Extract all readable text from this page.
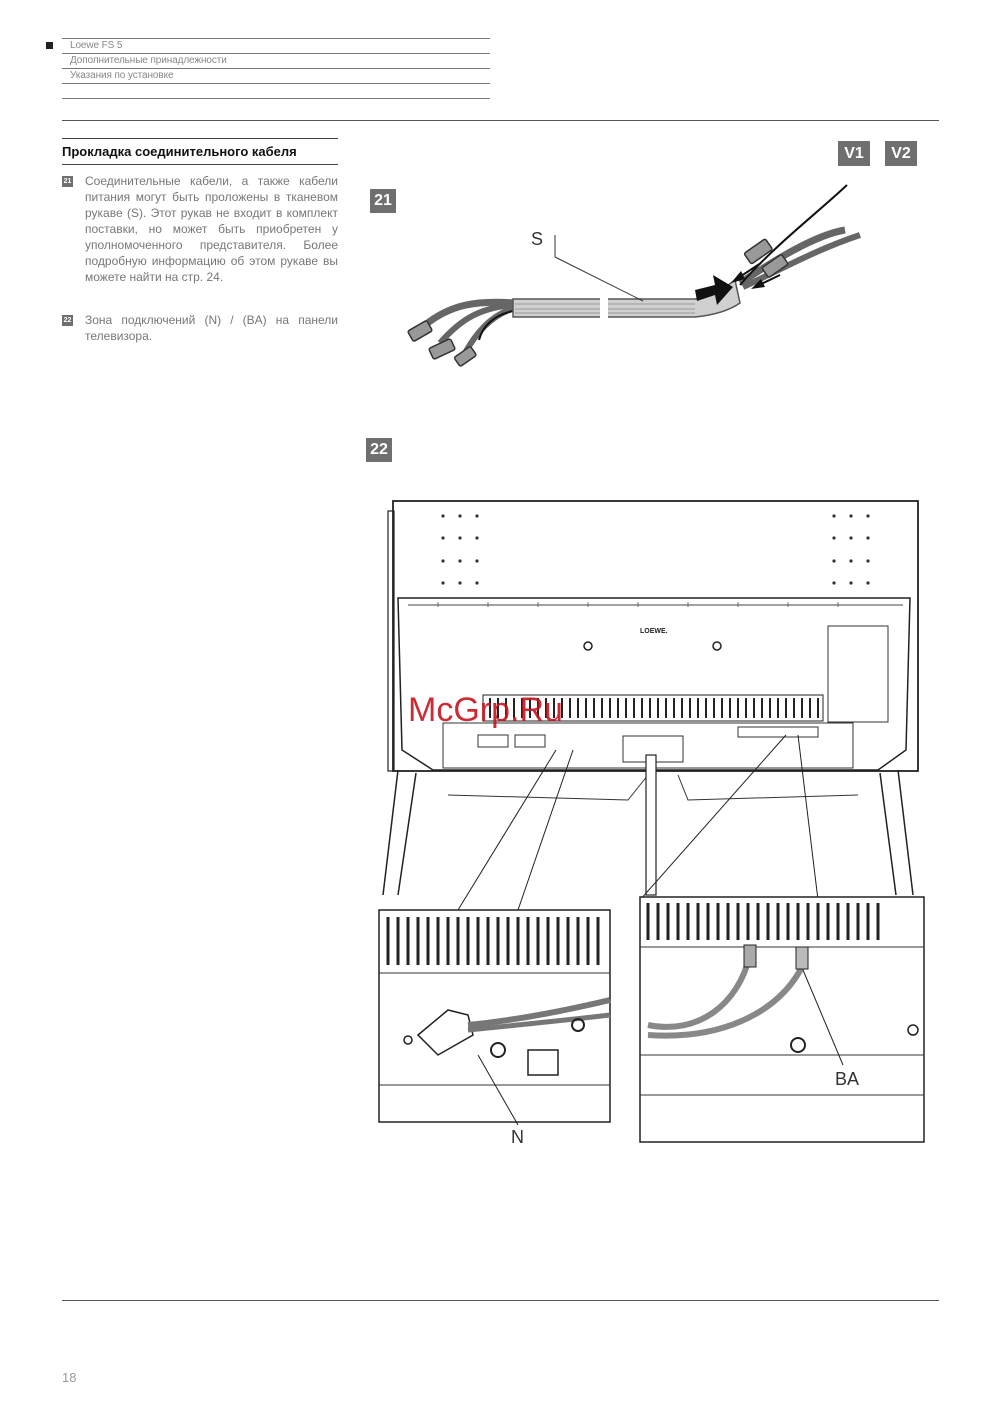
Loewe FS 5
Дополнительные принадлежности
Указания по установке
Прокладка соединительного кабеля
21 Соединительные кабели, а также кабели питания могут быть проложены в тканевом рукаве (S). Этот рукав не входит в комплект поставки, но может быть приобретен у уполномоченного представителя. Более подробную информацию об этом рукаве вы можете найти на стр. 24.
22 Зона подключений (N) / (BA) на панели телевизора.
V1	V2
21
22
S
LOEWE.
N
BA
McGrp.Ru
18
